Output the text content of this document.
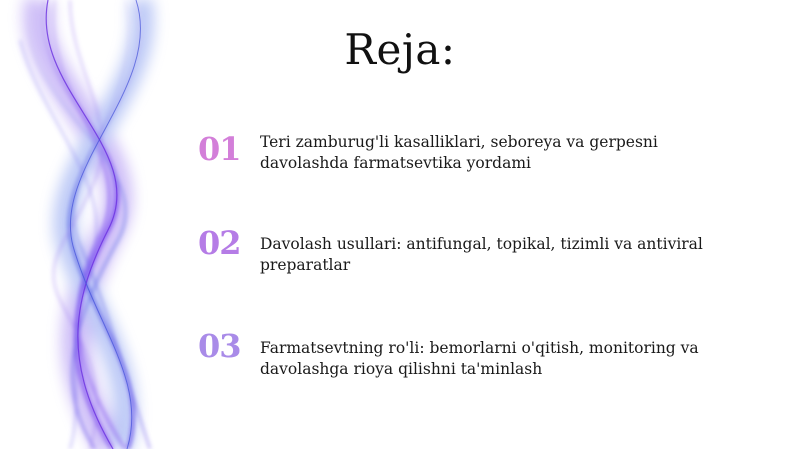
Reja:
01	Teri zamburug'li kasalliklari, seboreya va gerpesni davolashda farmatsevtika yordami
02	Davolash usullari: antifungal, topikal, tizimli va antiviral preparatlar
03	Farmatsevtning ro'li: bemorlarni o'qitish, monitoring va davolashga rioya qilishni ta'minlash
